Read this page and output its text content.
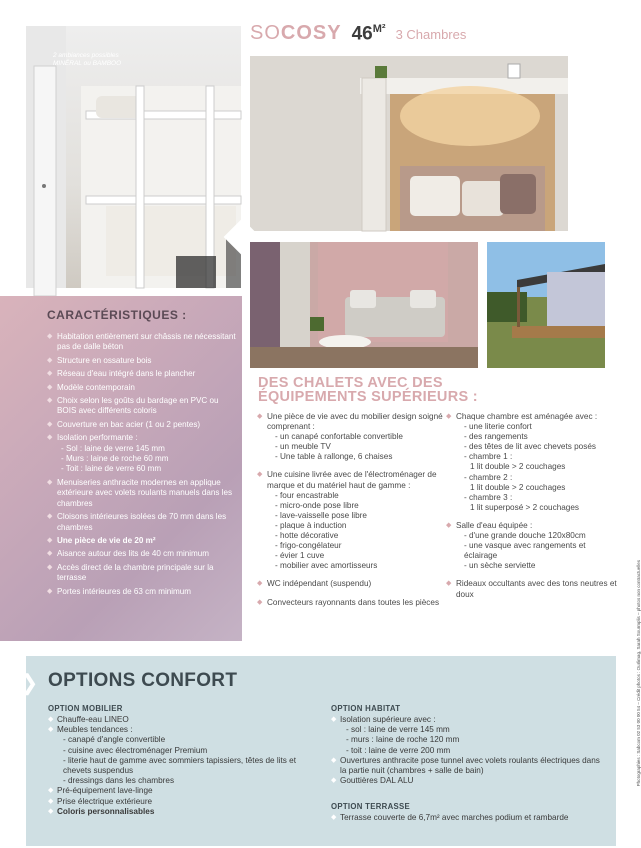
2 ambiances possibles MINÉRAL ou BAMBOO
SOCOSY $46^{M^2}$ 3 Chambres
CARACTÉRISTIQUES :
◆ Habitation entièrement sur châssis ne nécessitant pas de dalle béton
◆ Structure en ossature bois
◆ Réseau d'eau intégré dans le plancher
◆ Modèle contemporain
◆ Choix selon les goûts du bardage en PVC ou BOIS avec différents coloris
◆ Couverture en bac acier (1 ou 2 pentes)
◆ Isolation performante :
- Sol : laine de verre 145 mm
- Murs : laine de roche 60 mm
- Toit : laine de verre 60 mm
◆ Menuiseries anthracite modernes en applique extérieure avec volets roulants manuels dans les chambres
◆ Cloisons intérieures isolées de 70 mm dans les chambres
◆ Une pièce de vie de 20 m²
◆ Aisance autour des lits de 40 cm minimum
◆ Accès direct de la chambre principale sur la terrasse
◆ Portes intérieures de 63 cm minimum
DES CHALETS AVEC DES
ÉQUIPEMENTS SUPÉRIEURS :
◆ Une pièce de vie avec du mobilier design soigné comprenant :
- un canapé confortable convertible
- un meuble TV
- Une table à rallonge, 6 chaises
◆ Une cuisine livrée avec de l'électroménager de marque et du matériel haut de gamme :
- four encastrable
- micro-onde pose libre
- lave-vaisselle pose libre
- plaque à induction
- hotte décorative
- frigo-congélateur
- évier 1 cuve
- mobilier avec amortisseurs
◆ WC indépendant (suspendu)
◆ Convecteurs rayonnants dans toutes les pièces
◆ Chaque chambre est aménagée avec :
- une literie confort
- des rangements
- des têtes de lit avec chevets posés
- chambre 1 :
1 lit double > 2 couchages
- chambre 2 :
1 lit double > 2 couchages
- chambre 3 :
1 lit superposé > 2 couchages
◆ Salle d'eau équipée :
- d'une grande douche 120x80cm
- une vasque avec rangements et éclairage
- un sèche serviette
◆ Rideaux occultants avec des tons neutres et doux
❯ OPTIONS CONFORT
OPTION MOBILIER
◆ Chauffe-eau LINEO
◆ Meubles tendances :
- canapé d'angle convertible
- cuisine avec électroménager Premium
- literie haut de gamme avec sommiers tapissiers, têtes de lits et chevets suspendus
- dressings dans les chambres
◆ Pré-équipement lave-linge
◆ Prise électrique extérieure
◆ Coloris personnalisables
OPTION HABITAT
◆ Isolation supérieure avec :
- sol : laine de verre 145 mm
- murs : laine de roche 120 mm
- toit : laine de verre 200 mm
◆ Ouvertures anthracite pose tunnel avec volets roulants électriques dans la partie nuit (chambres + salle de bain)
◆ Gouttières DAL ALU
OPTION TERRASSE
◆ Terrasse couverte de 6,7m² avec marches podium et rambarde
Photographies : Sabcom 02 53 00 00 54 – Crédit photos : Ourlimag, Sarah Sourmplis – photos non contractuelles
